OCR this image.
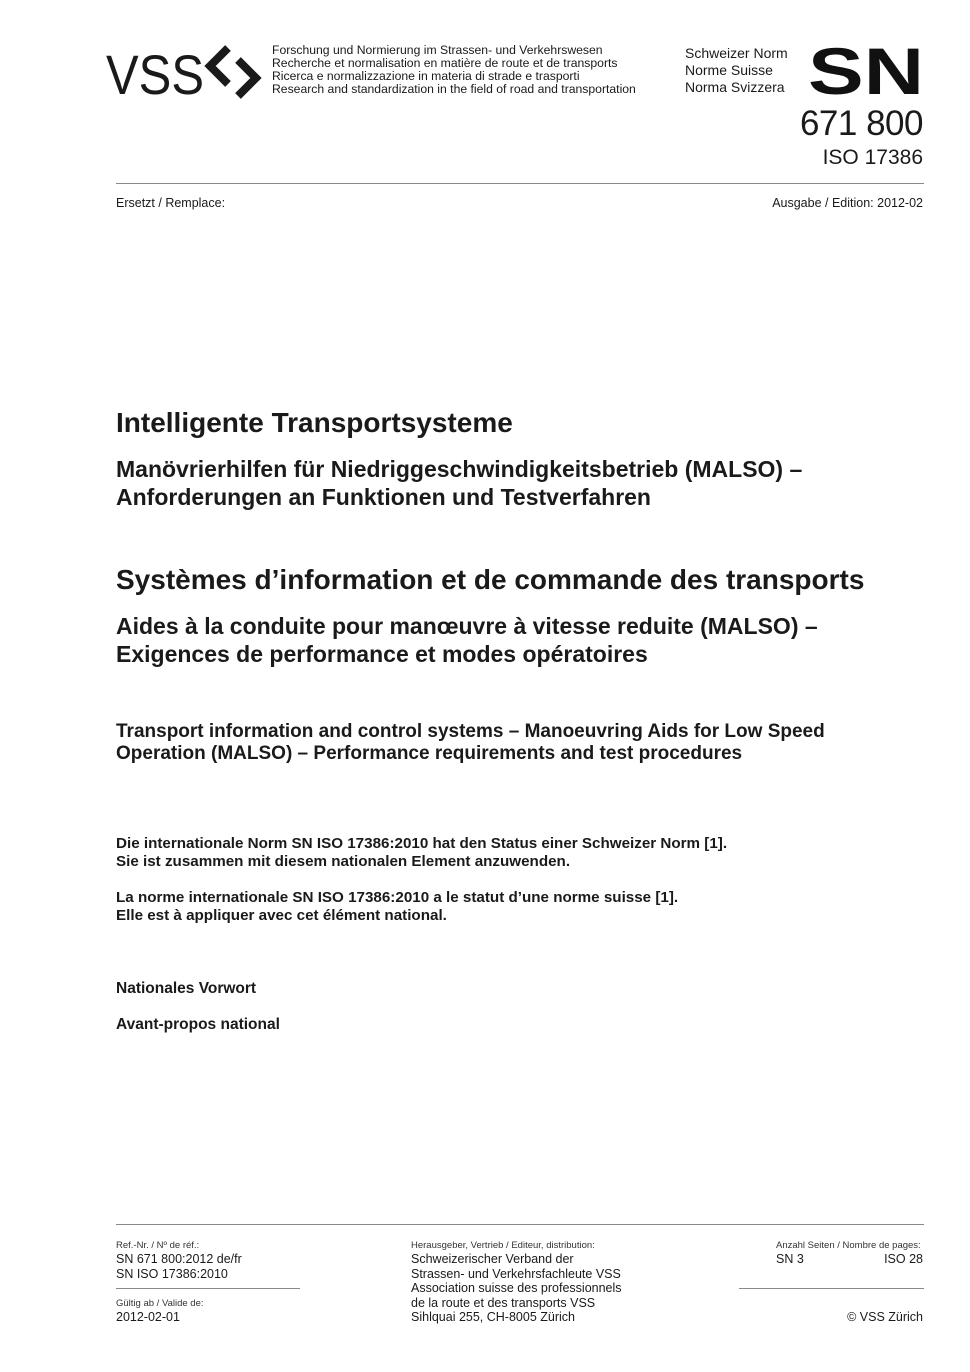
VSS	Forschung und Normierung im Strassen- und Verkehrswesen
Recherche et normalisation en matière de route et de transports
Ricerca e normalizzazione in materia di strade e trasporti
Research and standardization in the field of road and transportation
Schweizer Norm
Norme Suisse
Norma Svizzera SN
671 800
ISO 17386
Ersetzt / Remplace:	Ausgabe / Edition: 2012-02
Intelligente Transportsysteme
Manövrierhilfen für Niedriggeschwindigkeitsbetrieb (MALSO) –
Anforderungen an Funktionen und Testverfahren
Systèmes d’information et de commande des transports
Aides à la conduite pour manœuvre à vitesse reduite (MALSO) –
Exigences de performance et modes opératoires
Transport information and control systems – Manoeuvring Aids for Low Speed
Operation (MALSO) – Performance requirements and test procedures
Die internationale Norm SN ISO 17386:2010 hat den Status einer Schweizer Norm [1].
Sie ist zusammen mit diesem nationalen Element anzuwenden.
La norme internationale SN ISO 17386:2010 a le statut d’une norme suisse [1].
Elle est à appliquer avec cet élément national.
Nationales Vorwort
Avant-propos national
Ref.-Nr. / Nº de réf.:
SN 671 800:2012 de/fr
SN ISO 17386:2010
Gültig ab / Valide de:
2012-02-01
Herausgeber, Vertrieb / Editeur, distribution:
Schweizerischer Verband der
Strassen- und Verkehrsfachleute VSS
Association suisse des professionnels
de la route et des transports VSS
Sihlquai 255, CH-8005 Zürich
Anzahl Seiten / Nombre de pages:
SN 3	ISO 28
© VSS Zürich
